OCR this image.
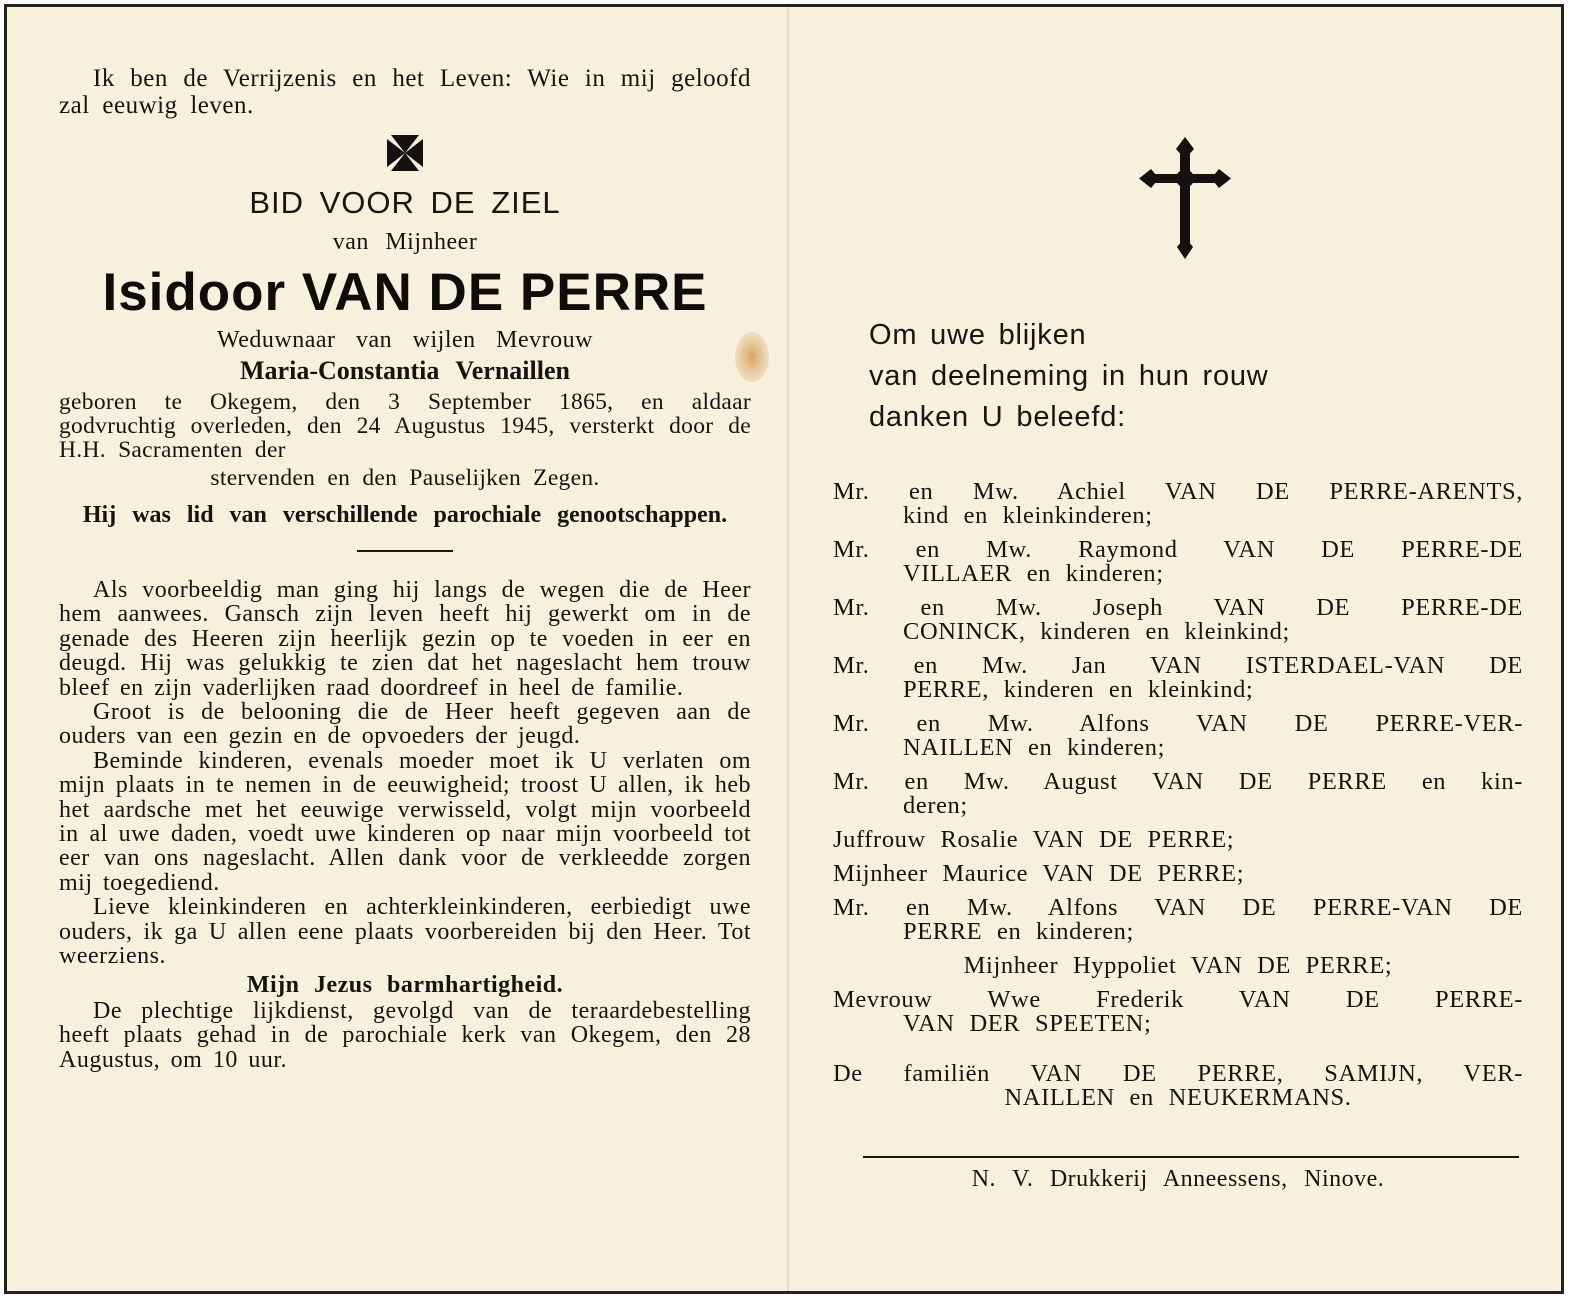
Ik ben de Verrijzenis en het Leven: Wie in mij geloofd zal eeuwig leven.

BID VOOR DE ZIEL

van Mijnheer

Isidoor VAN DE PERRE

Weduwnaar van wijlen Mevrouw

Maria-Constantia Vernaillen

geboren te Okegem, den 3 September 1865, en aldaar godvruchtig overleden, den 24 Augustus 1945, versterkt door de H.H. Sacramenten der

stervenden en den Pauselijken Zegen.

Hij was lid van verschillende parochiale genootschappen.

Als voorbeeldig man ging hij langs de wegen die de Heer hem aanwees. Gansch zijn leven heeft hij gewerkt om in de genade des Heeren zijn heerlijk gezin op te voeden in eer en deugd. Hij was gelukkig te zien dat het nageslacht hem trouw bleef en zijn vaderlijken raad doordreef in heel de familie.

Groot is de belooning die de Heer heeft gegeven aan de ouders van een gezin en de opvoeders der jeugd.

Beminde kinderen, evenals moeder moet ik U verlaten om mijn plaats in te nemen in de eeuwigheid; troost U allen, ik heb het aardsche met het eeuwige verwisseld, volgt mijn voorbeeld in al uwe daden, voedt uwe kinderen op naar mijn voorbeeld tot eer van ons nageslacht. Allen dank voor de verkleedde zorgen mij toegediend.

Lieve kleinkinderen en achterkleinkinderen, eerbiedigt uwe ouders, ik ga U allen eene plaats voorbereiden bij den Heer. Tot weerziens.

Mijn Jezus barmhartigheid.

De plechtige lijkdienst, gevolgd van de teraardebestelling heeft plaats gehad in de parochiale kerk van Okegem, den 28 Augustus, om 10 uur.

Om uwe blijken
van deelneming in hun rouw
danken U beleefd:
Mr. en Mw. Achiel VAN DE PERRE-ARENTS,
kind en kleinkinderen;
Mr. en Mw. Raymond VAN DE PERRE-DE
VILLAER en kinderen;
Mr. en Mw. Joseph VAN DE PERRE-DE
CONINCK, kinderen en kleinkind;
Mr. en Mw. Jan VAN ISTERDAEL-VAN DE
PERRE, kinderen en kleinkind;
Mr. en Mw. Alfons VAN DE PERRE-VER-
NAILLEN en kinderen;
Mr. en Mw. August VAN DE PERRE en kin-
deren;
Juffrouw Rosalie VAN DE PERRE;
Mijnheer Maurice VAN DE PERRE;
Mr. en Mw. Alfons VAN DE PERRE-VAN DE
PERRE en kinderen;
Mijnheer Hyppoliet VAN DE PERRE;
Mevrouw Wwe Frederik VAN DE PERRE-
VAN DER SPEETEN;
De familiën VAN DE PERRE, SAMIJN, VER-
NAILLEN en NEUKERMANS.

N. V. Drukkerij Anneessens, Ninove.
